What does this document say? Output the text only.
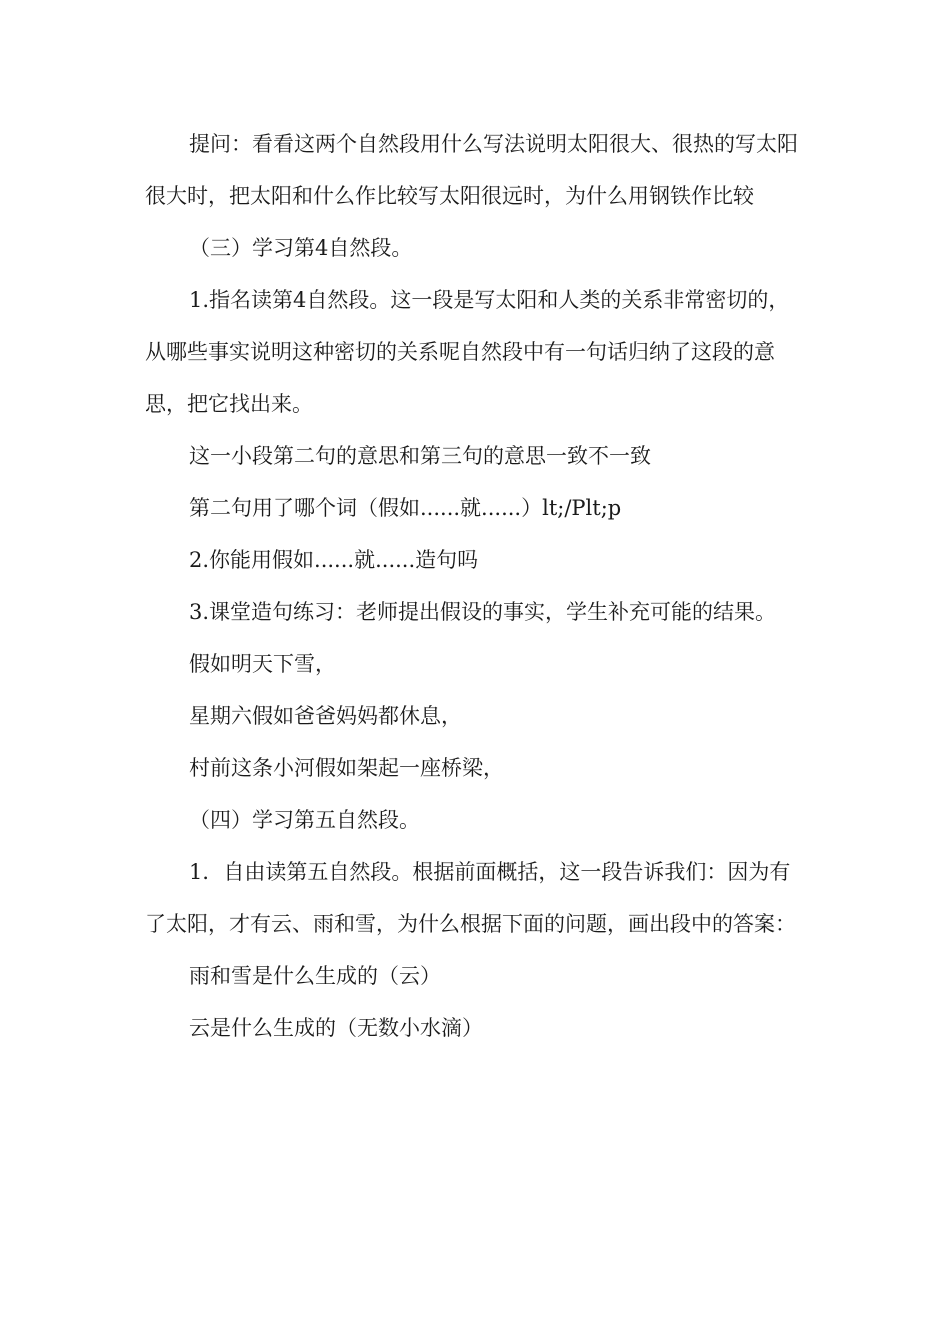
提问：看看这两个自然段用什么写法说明太阳很大、很热的写太阳很大时，把太阳和什么作比较写太阳很远时，为什么用钢铁作比较

（三）学习第4自然段。

1.指名读第4自然段。这一段是写太阳和人类的关系非常密切的，从哪些事实说明这种密切的关系呢自然段中有一句话归纳了这段的意思，把它找出来。

这一小段第二句的意思和第三句的意思一致不一致

第二句用了哪个词（假如......就......）lt;/Plt;p

2.你能用假如......就......造句吗

3.课堂造句练习：老师提出假设的事实，学生补充可能的结果。

假如明天下雪，

星期六假如爸爸妈妈都休息，

村前这条小河假如架起一座桥梁，

（四）学习第五自然段。

1．自由读第五自然段。根据前面概括，这一段告诉我们：因为有了太阳，才有云、雨和雪，为什么根据下面的问题，画出段中的答案：

雨和雪是什么生成的（云）

云是什么生成的（无数小水滴）
